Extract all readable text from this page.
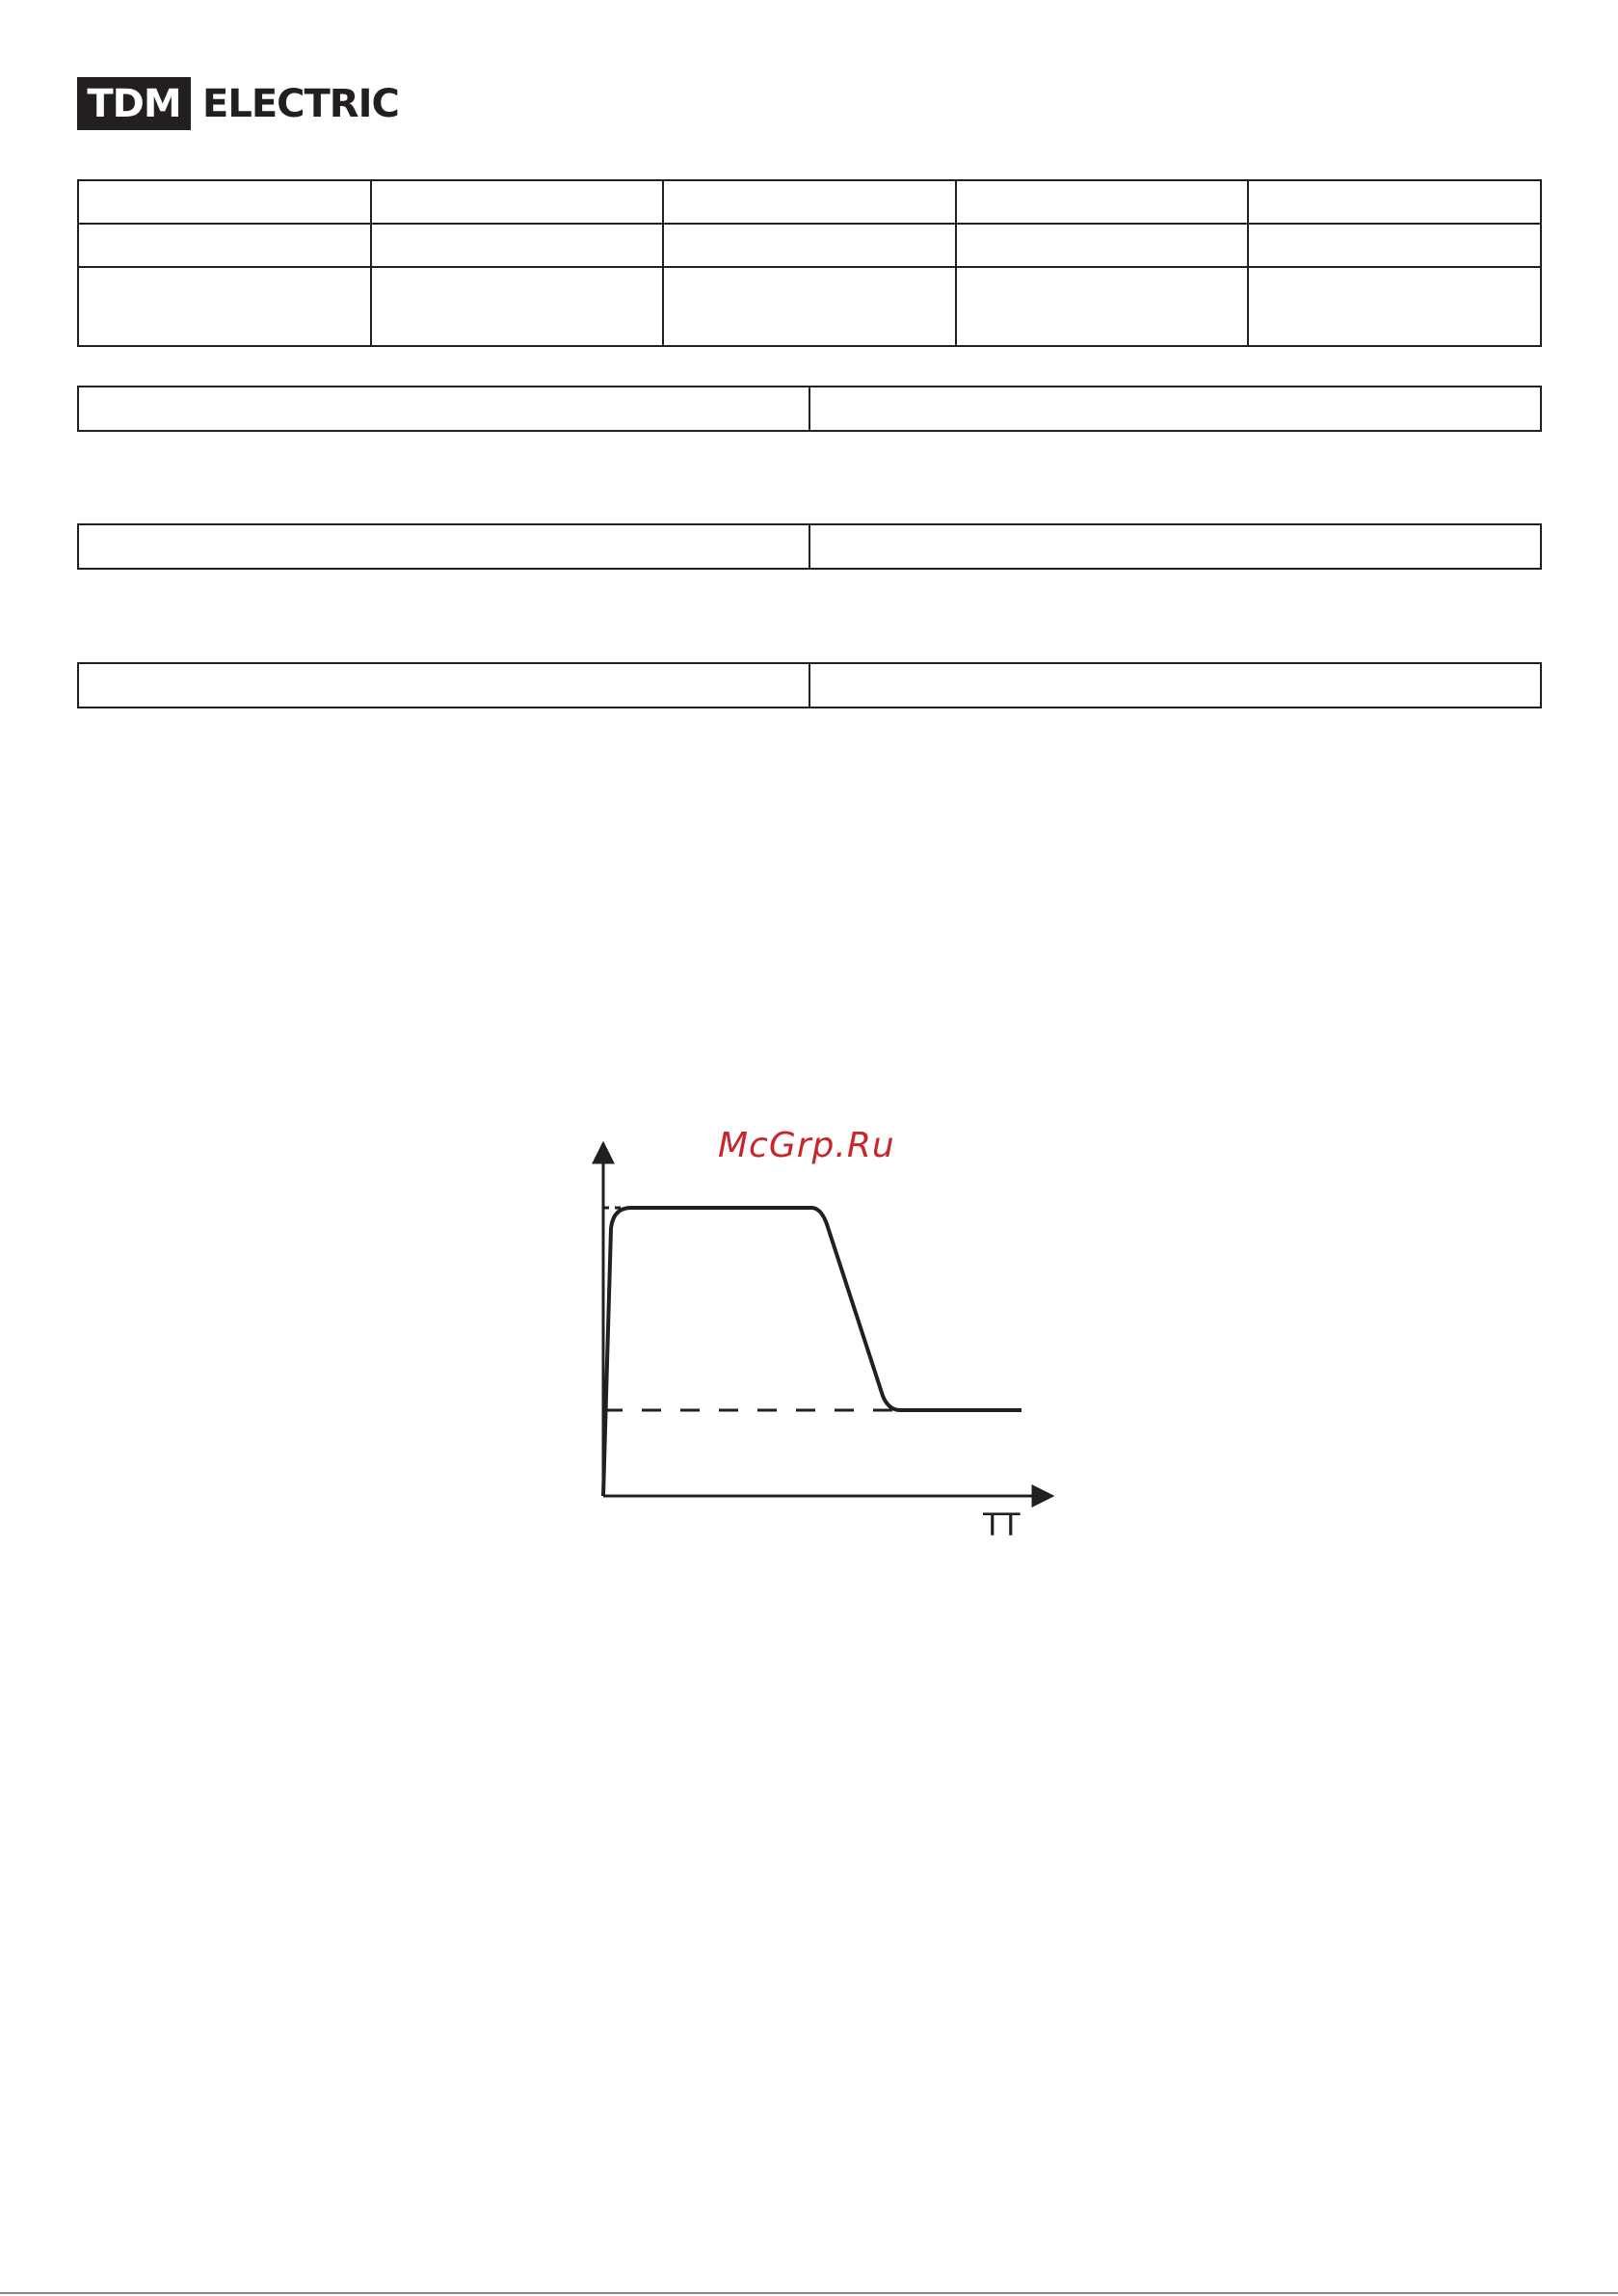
TDM ELECTRIC

McGrp.Ru
TT
